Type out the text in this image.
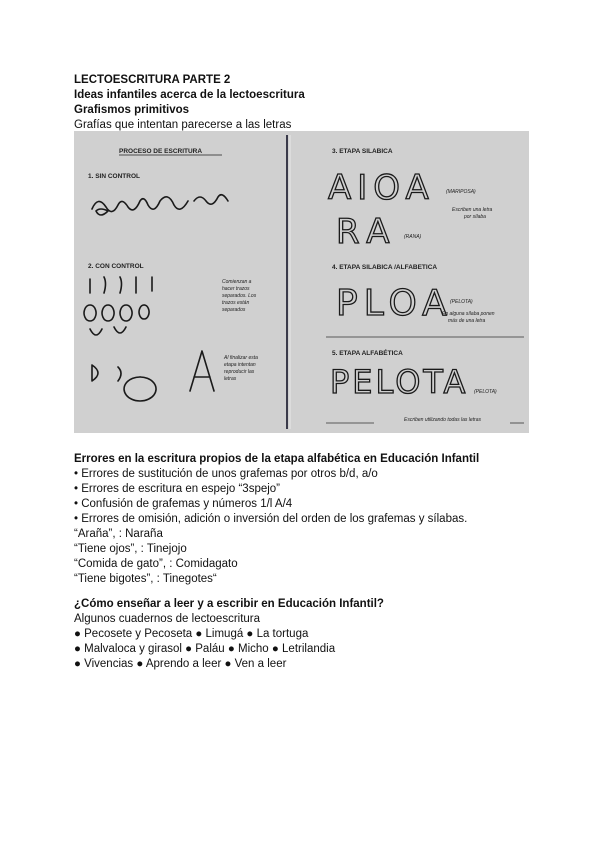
LECTOESCRITURA PARTE 2
Ideas infantiles acerca de la lectoescritura
Grafismos primitivos
Grafías que intentan parecerse a las letras
PROCESO DE ESCRITURA
1. SIN CONTROL
2. CON CONTROL
Comienzan a
hacer trazos
separados. Los
trazos están
separados
Al finalizar esta
etapa intentan
reproducir las
letras
3. ETAPA SILABICA
AIOA (MARIPOSA)
Escriben una letra
por sílaba
RA (RANA)
4. ETAPA SILABICA /ALFABETICA
PLOA
(PELOTA)
En alguna sílaba ponen
más de una letra
5. ETAPA ALFABÉTICA
PELOTA (PELOTA)
Escriben utilizando todas las letras
Errores en la escritura propios de la etapa alfabética en Educación Infantil
• Errores de sustitución de unos grafemas por otros b/d, a/o
• Errores de escritura en espejo “3spejo”
• Confusión de grafemas y números 1/l A/4
• Errores de omisión, adición o inversión del orden de los grafemas y sílabas.
“Araña”, : Naraña
“Tiene ojos”, : Tinejojo
“Comida de gato”, : Comidagato
“Tiene bigotes”, : Tinegotes“
¿Cómo enseñar a leer y a escribir en Educación Infantil?
Algunos cuadernos de lectoescritura
● Pecosete y Pecoseta ● Limugá ● La tortuga
● Malvaloca y girasol ● Paláu ● Micho ● Letrilandia
● Vivencias ● Aprendo a leer ● Ven a leer
